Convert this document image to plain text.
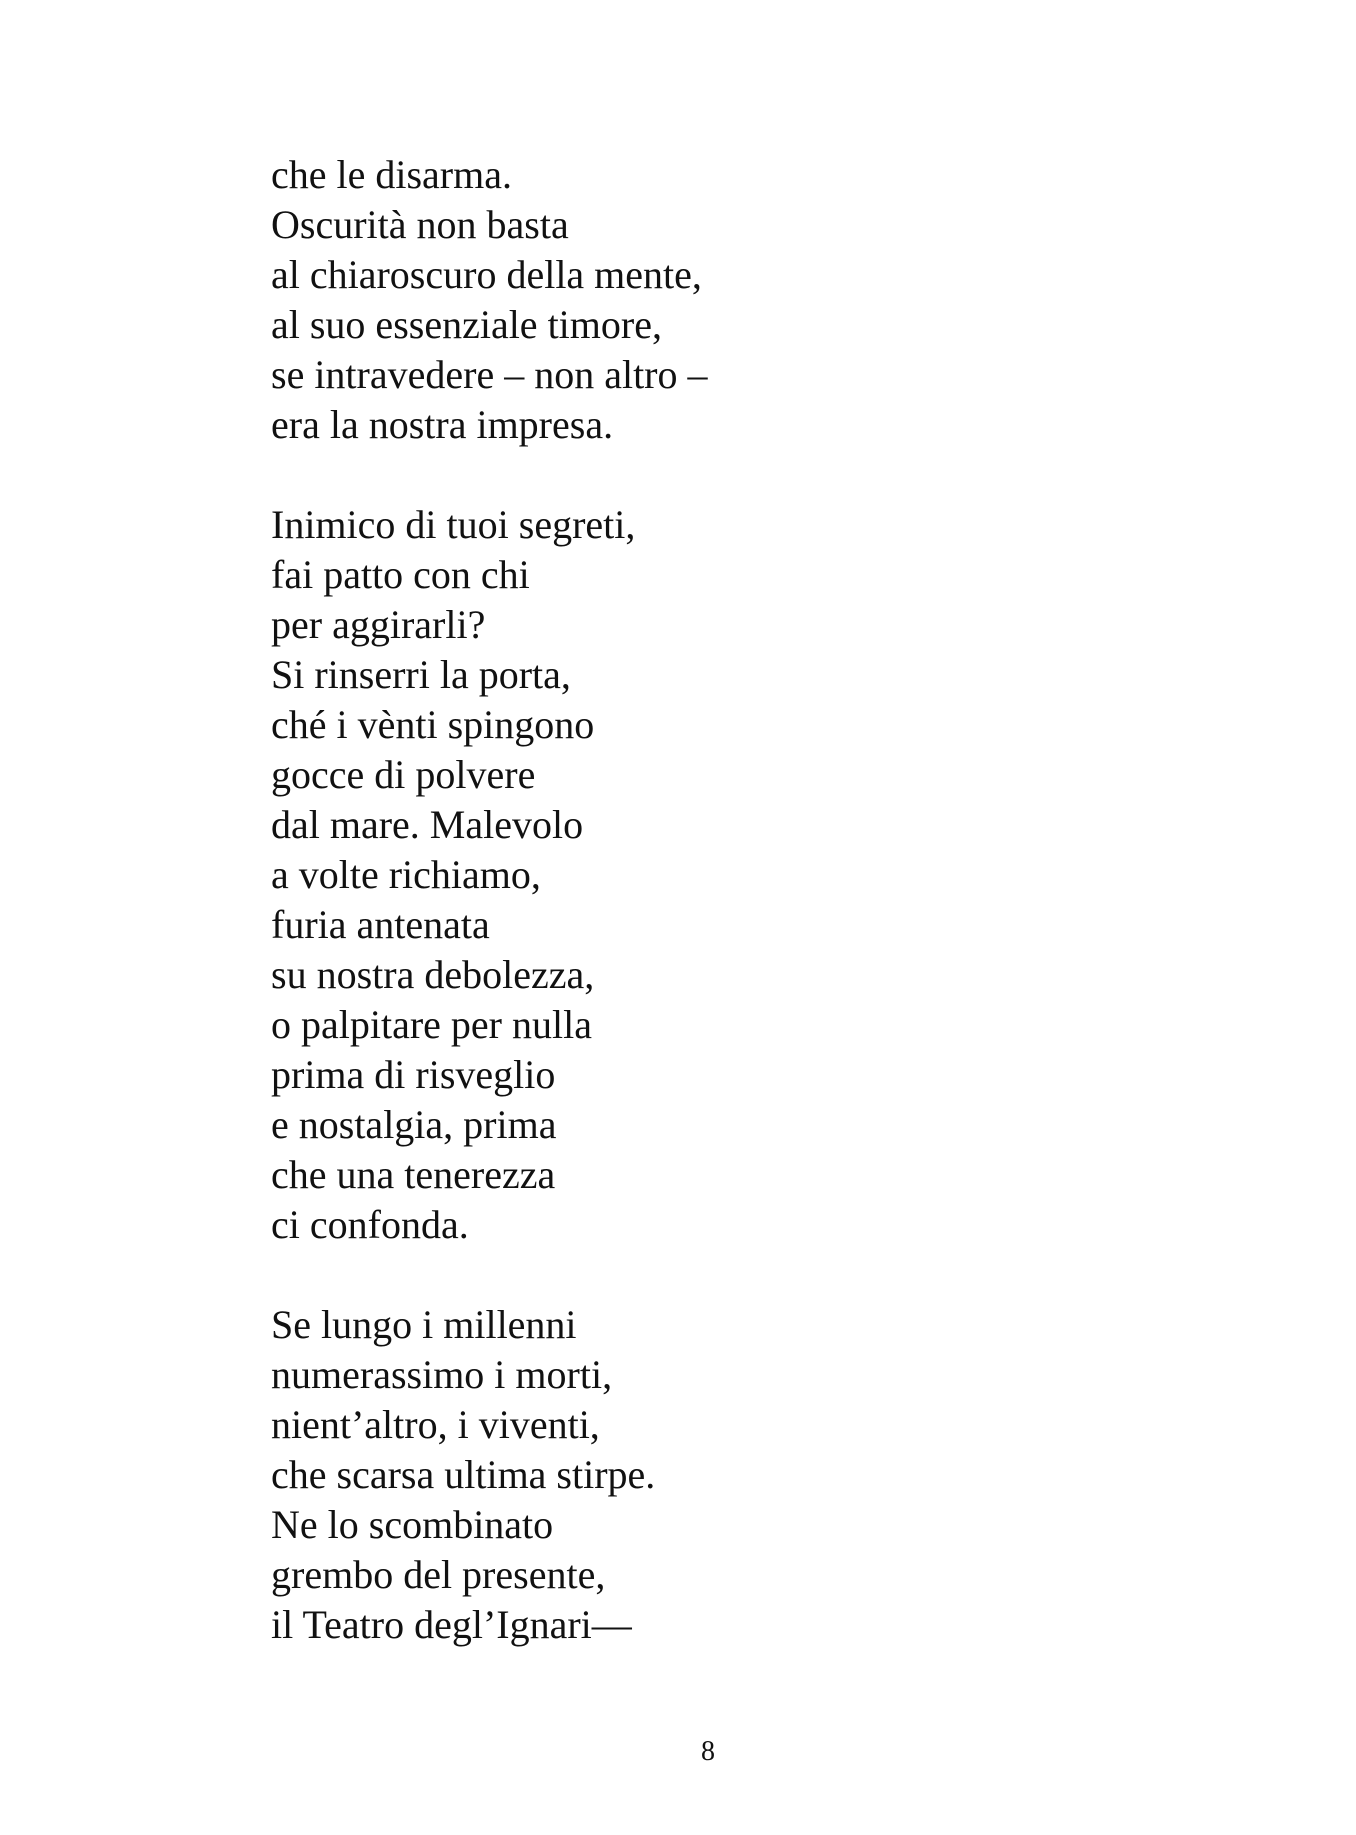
che le disarma.
Oscurità non basta
al chiaroscuro della mente,
al suo essenziale timore,
se intravedere – non altro –
era la nostra impresa.
Inimico di tuoi segreti,
fai patto con chi
per aggirarli?
Si rinserri la porta,
ché i vènti spingono
gocce di polvere
dal mare. Malevolo
a volte richiamo,
furia antenata
su nostra debolezza,
o palpitare per nulla
prima di risveglio
e nostalgia, prima
che una tenerezza
ci confonda.
Se lungo i millenni
numerassimo i morti,
nient’altro, i viventi,
che scarsa ultima stirpe.
Ne lo scombinato
grembo del presente,
il Teatro degl’Ignari—
8
